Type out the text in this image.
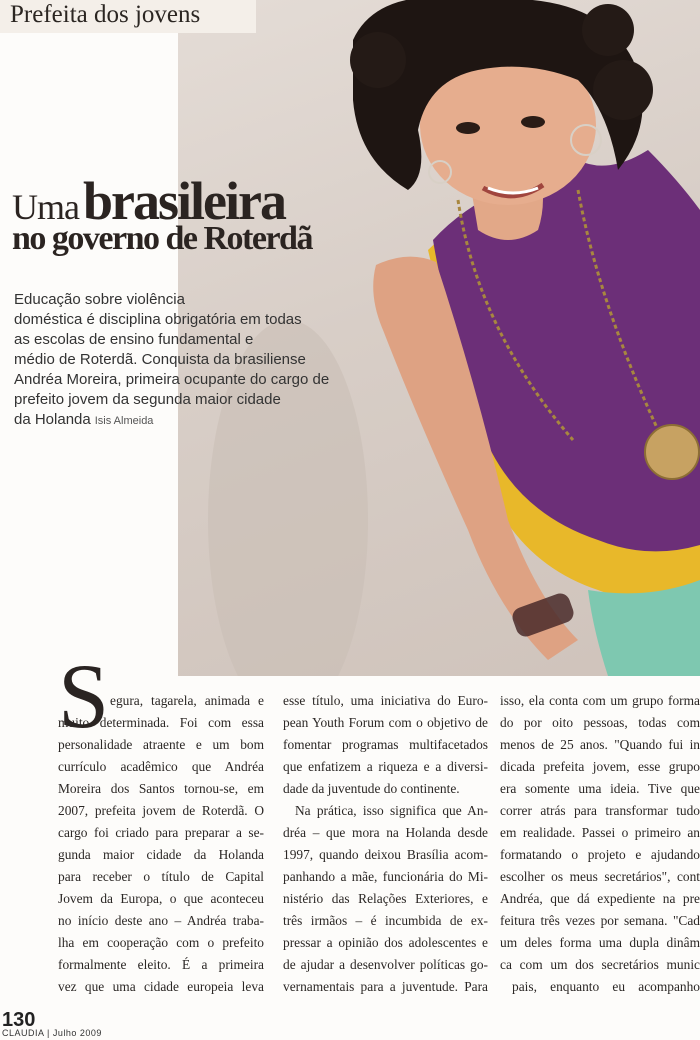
Prefeita dos jovens
Uma brasileira
no governo de Roterdã
Educação sobre violência
doméstica é disciplina obrigatória em todas
as escolas de ensino fundamental e
médio de Roterdã. Conquista da brasiliense
Andréa Moreira, primeira ocupante do cargo de
prefeito jovem da segunda maior cidade
da Holanda Isis Almeida
S egura, tagarela, animada e
muito determinada. Foi com essa
personalidade atraente e um bom
currículo acadêmico que Andréa
Moreira dos Santos tornou-se, em
2007, prefeita jovem de Roterdã. O
cargo foi criado para preparar a se-
gunda maior cidade da Holanda
para receber o título de Capital
Jovem da Europa, o que aconteceu
no início deste ano – Andréa traba-
lha em cooperação com o prefeito
formalmente eleito. É a primeira
vez que uma cidade europeia leva
esse título, uma iniciativa do Euro-
pean Youth Forum com o objetivo de
fomentar programas multifacetados
que enfatizem a riqueza e a diversi-
dade da juventude do continente.
Na prática, isso significa que An-
dréa – que mora na Holanda desde
1997, quando deixou Brasília acom-
panhando a mãe, funcionária do Mi-
nistério das Relações Exteriores, e
três irmãos – é incumbida de ex-
pressar a opinião dos adolescentes e
de ajudar a desenvolver políticas go-
vernamentais para a juventude. Para
isso, ela conta com um grupo forma
do por oito pessoas, todas com
menos de 25 anos. "Quando fui in
dicada prefeita jovem, esse grupo
era somente uma ideia. Tive que
correr atrás para transformar tudo
em realidade. Passei o primeiro an
formatando o projeto e ajudando
escolher os meus secretários", cont
Andréa, que dá expediente na pre
feitura três vezes por semana. "Cad
um deles forma uma dupla dinâm
ca com um dos secretários munic
pais, enquanto eu acompanho
130
CLAUDIA | Julho 2009
